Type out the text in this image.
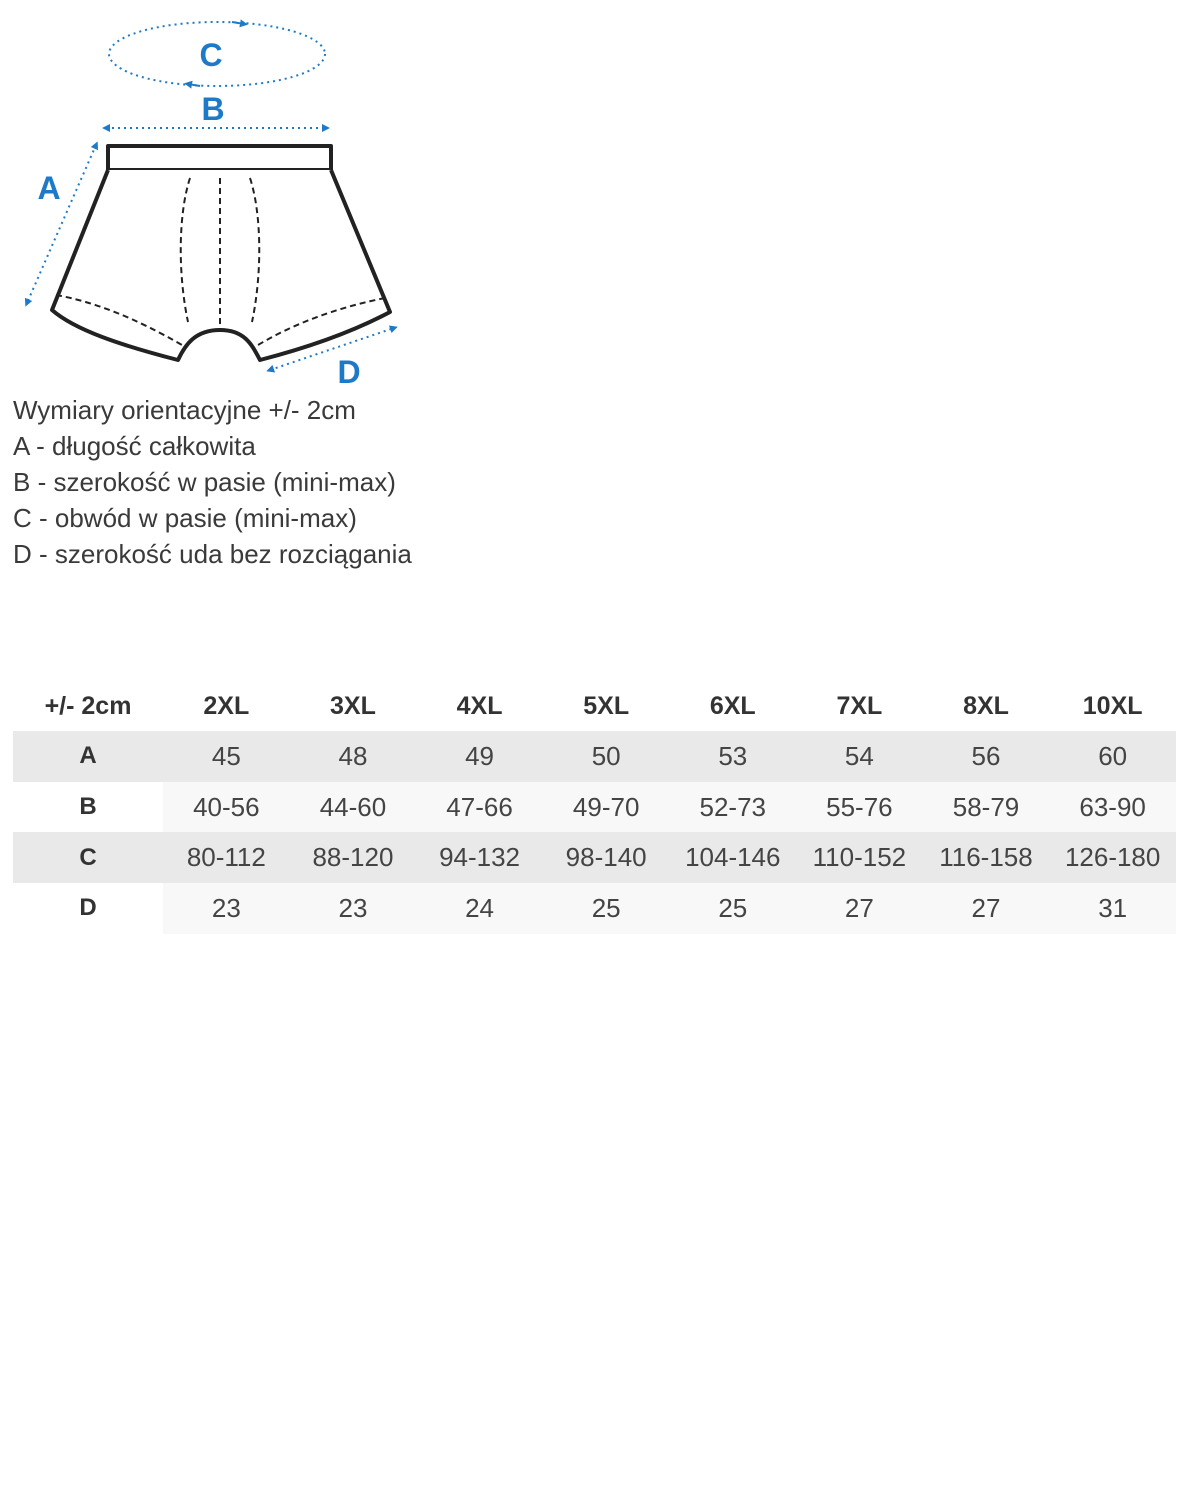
C
B
A
D
Wymiary orientacyjne +/- 2cm
A - długość całkowita
B - szerokość w pasie (mini-max)
C - obwód w pasie (mini-max)
D - szerokość uda bez rozciągania
+/- 2cm	2XL	3XL	4XL	5XL	6XL	7XL	8XL	10XL
A	45	48	49	50	53	54	56	60
B	40-56	44-60	47-66	49-70	52-73	55-76	58-79	63-90
C	80-112	88-120	94-132	98-140	104-146	110-152	116-158	126-180
D	23	23	24	25	25	27	27	31
